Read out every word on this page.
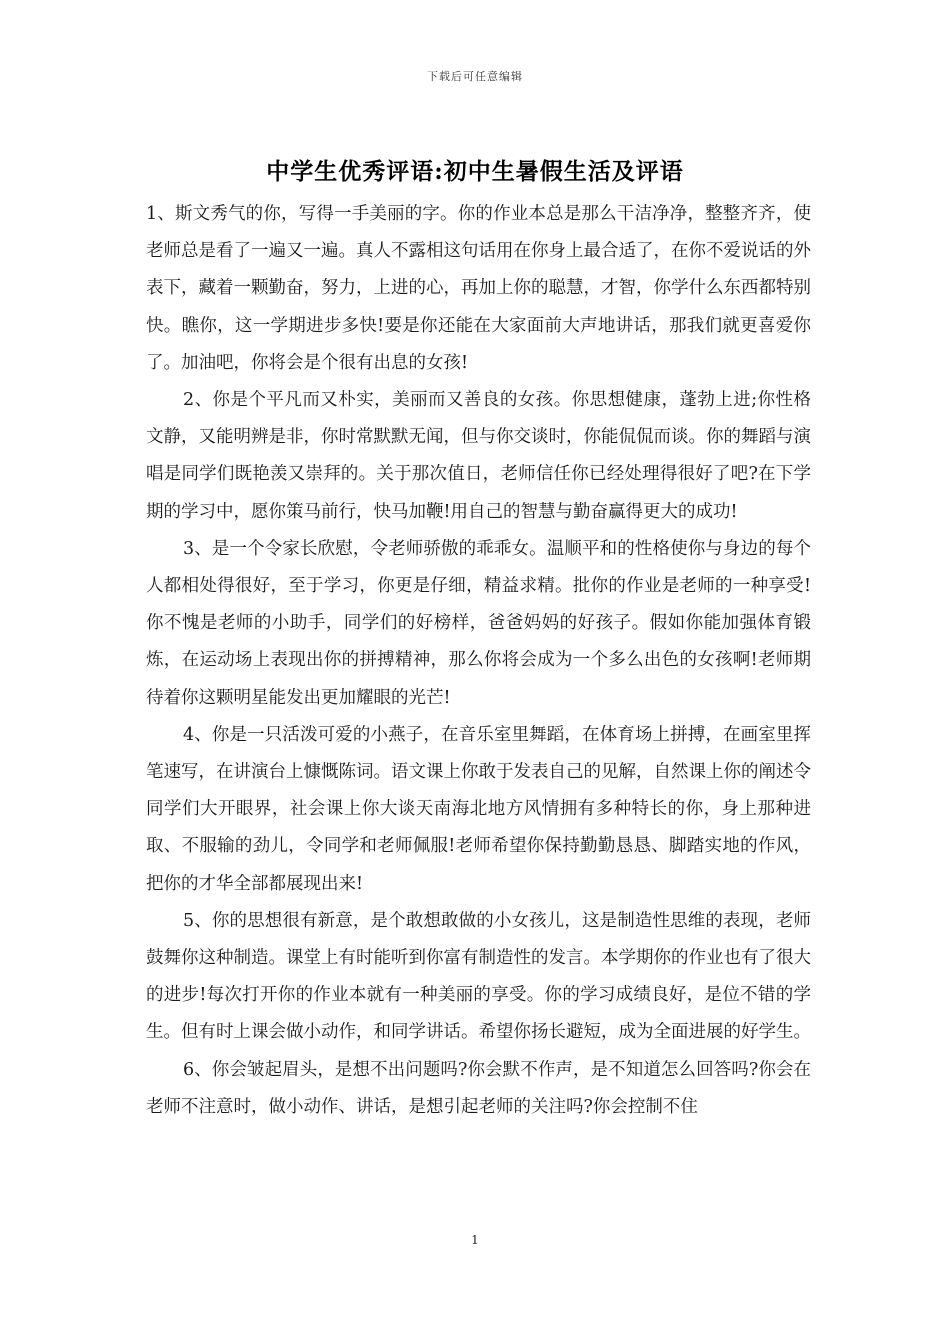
下载后可任意编辑
中学生优秀评语:初中生暑假生活及评语

1、斯文秀气的你，写得一手美丽的字。你的作业本总是那么干洁净净，整整齐齐，使老师总是看了一遍又一遍。真人不露相这句话用在你身上最合适了，在你不爱说话的外表下，藏着一颗勤奋，努力，上进的心，再加上你的聪慧，才智，你学什么东西都特别快。瞧你，这一学期进步多快!要是你还能在大家面前大声地讲话，那我们就更喜爱你了。加油吧，你将会是个很有出息的女孩!

2、你是个平凡而又朴实，美丽而又善良的女孩。你思想健康，蓬勃上进;你性格文静，又能明辨是非，你时常默默无闻，但与你交谈时，你能侃侃而谈。你的舞蹈与演唱是同学们既艳羡又崇拜的。关于那次值日，老师信任你已经处理得很好了吧?在下学期的学习中，愿你策马前行，快马加鞭!用自己的智慧与勤奋赢得更大的成功!

3、是一个令家长欣慰，令老师骄傲的乖乖女。温顺平和的性格使你与身边的每个人都相处得很好，至于学习，你更是仔细，精益求精。批你的作业是老师的一种享受!你不愧是老师的小助手，同学们的好榜样，爸爸妈妈的好孩子。假如你能加强体育锻炼，在运动场上表现出你的拼搏精神，那么你将会成为一个多么出色的女孩啊!老师期待着你这颗明星能发出更加耀眼的光芒!

4、你是一只活泼可爱的小燕子，在音乐室里舞蹈，在体育场上拼搏，在画室里挥笔速写，在讲演台上慷慨陈词。语文课上你敢于发表自己的见解，自然课上你的阐述令同学们大开眼界，社会课上你大谈天南海北地方风情拥有多种特长的你，身上那种进取、不服输的劲儿，令同学和老师佩服!老师希望你保持勤勤恳恳、脚踏实地的作风，把你的才华全部都展现出来!

5、你的思想很有新意，是个敢想敢做的小女孩儿，这是制造性思维的表现，老师鼓舞你这种制造。课堂上有时能听到你富有制造性的发言。本学期你的作业也有了很大的进步!每次打开你的作业本就有一种美丽的享受。你的学习成绩良好，是位不错的学生。但有时上课会做小动作，和同学讲话。希望你扬长避短，成为全面进展的好学生。

6、你会皱起眉头，是想不出问题吗?你会默不作声，是不知道怎么回答吗?你会在老师不注意时，做小动作、讲话，是想引起老师的关注吗?你会控制不住

1
